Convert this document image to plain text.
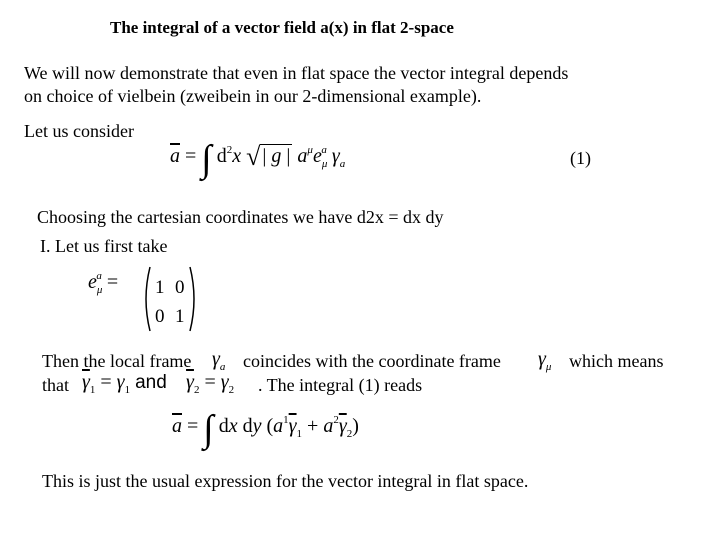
The integral of a vector field a(x) in flat 2-space
We will now demonstrate that even in flat space the vector integral depends
on choice of vielbein (zweibein in our 2-dimensional example).
Let us consider
$\overline{a}$ = ∫ $d^2x$ √ | g | $a^\mu e_\mu^a$ $\gamma_a$	(1)
Choosing the cartesian coordinates we have d2x = dx dy
I. Let us first take
$e_\mu^a = 1$ 0
0 1
Then the local frame $\gamma_a$ coincides with the coordinate frame $\gamma_\mu$ which means
that $\overline{\gamma}_1 = \gamma_1$ and $\overline{\gamma}_2 = \gamma_2$ . The integral (1) reads
$\overline{a}$ = ∫ dx dy $(a^1\overline{\gamma}_1 + a^2\overline{\gamma}_2)$
This is just the usual expression for the vector integral in flat space.
